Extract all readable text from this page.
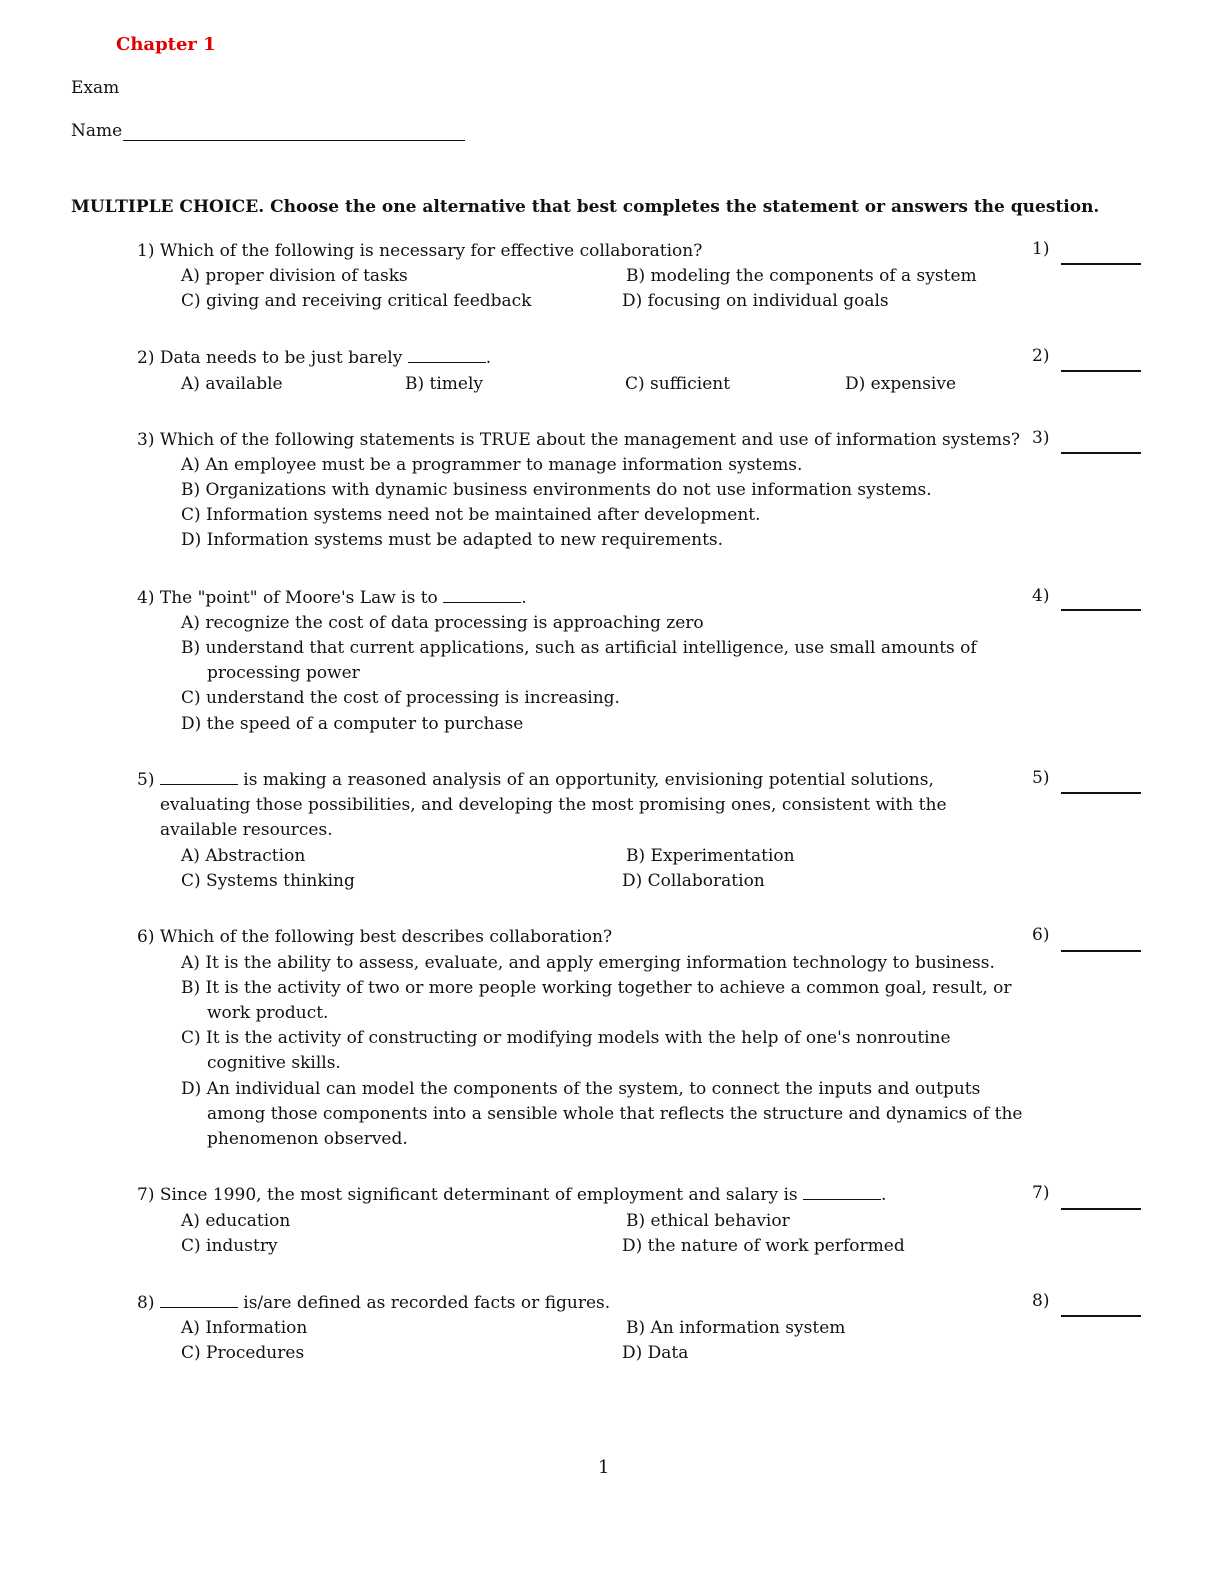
Chapter 1
Exam
Name
MULTIPLE CHOICE. Choose the one alternative that best completes the statement or answers the question.
1) Which of the following is necessary for effective collaboration?	1)
A) proper division of tasks	B) modeling the components of a system
C) giving and receiving critical feedback	D) focusing on individual goals
2) Data needs to be just barely	.	2)
A) available	B) timely	C) sufficient	D) expensive
3) Which of the following statements is TRUE about the management and use of information systems? 3)
A) An employee must be a programmer to manage information systems.
B) Organizations with dynamic business environments do not use information systems.
C) Information systems need not be maintained after development.
D) Information systems must be adapted to new requirements.
4) The "point" of Moore's Law is to	.	4)
A) recognize the cost of data processing is approaching zero
B) understand that current applications, such as artificial intelligence, use small amounts of processing power
C) understand the cost of processing is increasing.
D) the speed of a computer to purchase
5)	is making a reasoned analysis of an opportunity, envisioning potential solutions, evaluating those possibilities, and developing the most promising ones, consistent with the available resources.
5)
A) Abstraction	B) Experimentation
C) Systems thinking	D) Collaboration
6) Which of the following best describes collaboration?	6)
A) It is the ability to assess, evaluate, and apply emerging information technology to business.
B) It is the activity of two or more people working together to achieve a common goal, result, or work product.
C) It is the activity of constructing or modifying models with the help of one's nonroutine cognitive skills.
D) An individual can model the components of the system, to connect the inputs and outputs among those components into a sensible whole that reflects the structure and dynamics of the phenomenon observed.
7) Since 1990, the most significant determinant of employment and salary is	.	7)
A) education	B) ethical behavior
C) industry	D) the nature of work performed
8)	is/are defined as recorded facts or figures.	8)
A) Information	B) An information system
C) Procedures	D) Data
1
